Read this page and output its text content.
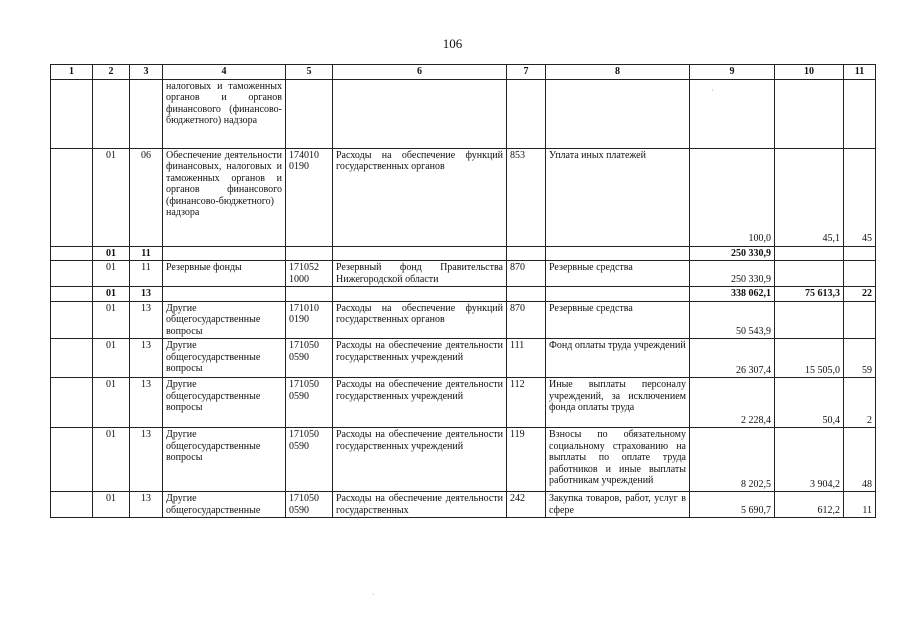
106
1	2	3	4	5	6	7	8	9	10	11
			налоговых и таможенных органов и органов финансового (финансово-бюджетного) надзора							
	01	06	Обеспечение деятельности финансовых, налоговых и таможенных органов и органов финансового (финансово-бюджетного) надзора	174010 0190	Расходы на обеспечение функций государственных органов	853	Уплата иных платежей	100,0	45,1	45
	01	11						250 330,9		
	01	11	Резервные фонды	171052 1000	Резервный фонд Правительства Нижегородской области	870	Резервные средства	250 330,9		
	01	13						338 062,1	75 613,3	22
	01	13	Другие общегосударственные вопросы	171010 0190	Расходы на обеспечение функций государственных органов	870	Резервные средства	50 543,9		
	01	13	Другие общегосударственные вопросы	171050 0590	Расходы на обеспечение деятельности государственных учреждений	111	Фонд оплаты труда учреждений	26 307,4	15 505,0	59
	01	13	Другие общегосударственные вопросы	171050 0590	Расходы на обеспечение деятельности государственных учреждений	112	Иные выплаты персоналу учреждений, за исключением фонда оплаты труда	2 228,4	50,4	2
	01	13	Другие общегосударственные вопросы	171050 0590	Расходы на обеспечение деятельности государственных учреждений	119	Взносы по обязательному социальному страхованию на выплаты по оплате труда работников и иные выплаты работникам учреждений	8 202,5	3 904,2	48
	01	13	Другие общегосударственные	171050 0590	Расходы на обеспечение деятельности государственных	242	Закупка товаров, работ, услуг в сфере	5 690,7	612,2	11
·
·
